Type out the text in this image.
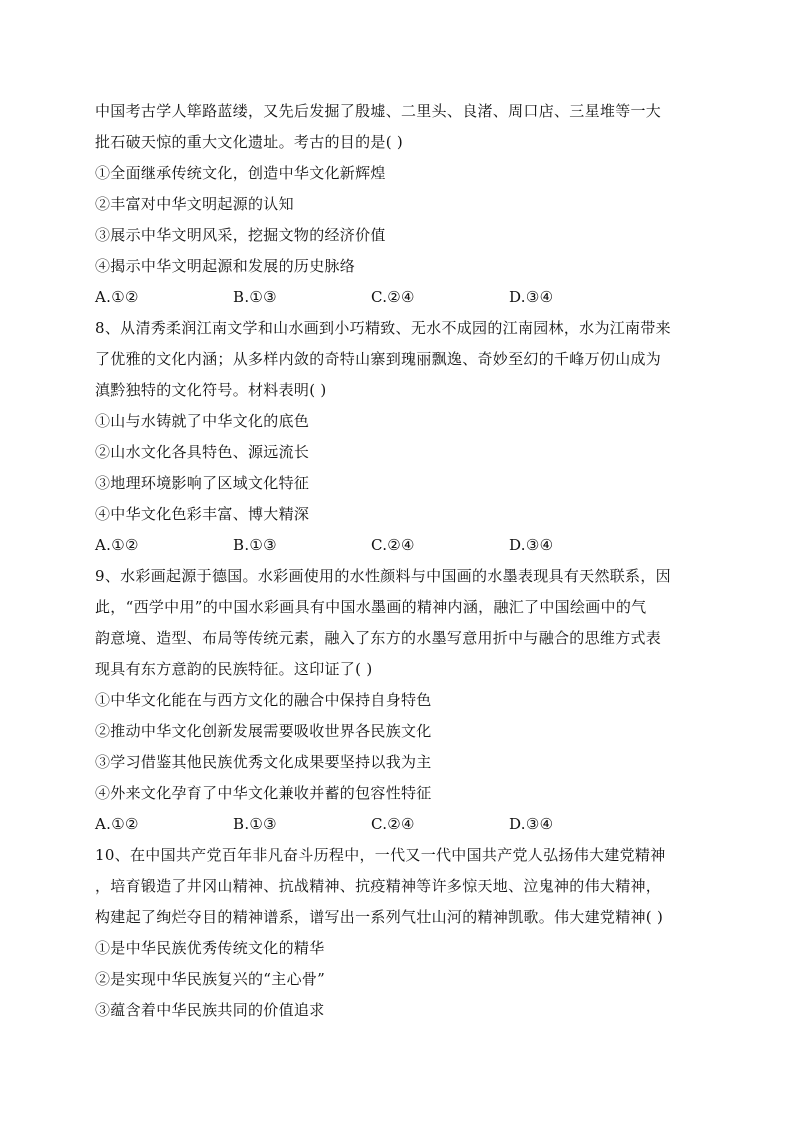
中国考古学人筚路蓝缕，又先后发掘了殷墟、二里头、良渚、周口店、三星堆等一大
批石破天惊的重大文化遗址。考古的目的是( )
①全面继承传统文化，创造中华文化新辉煌
②丰富对中华文明起源的认知
③展示中华文明风采，挖掘文物的经济价值
④揭示中华文明起源和发展的历史脉络
A.①②	B.①③	C.②④	D.③④
8、从清秀柔润江南文学和山水画到小巧精致、无水不成园的江南园林，水为江南带来
了优雅的文化内涵；从多样内敛的奇特山寨到瑰丽飘逸、奇妙至幻的千峰万仞山成为
滇黔独特的文化符号。材料表明( )
①山与水铸就了中华文化的底色
②山水文化各具特色、源远流长
③地理环境影响了区域文化特征
④中华文化色彩丰富、博大精深
A.①②	B.①③	C.②④	D.③④
9、水彩画起源于德国。水彩画使用的水性颜料与中国画的水墨表现具有天然联系，因
此，“西学中用”的中国水彩画具有中国水墨画的精神内涵，融汇了中国绘画中的气
韵意境、造型、布局等传统元素，融入了东方的水墨写意用折中与融合的思维方式表
现具有东方意韵的民族特征。这印证了( )
①中华文化能在与西方文化的融合中保持自身特色
②推动中华文化创新发展需要吸收世界各民族文化
③学习借鉴其他民族优秀文化成果要坚持以我为主
④外来文化孕育了中华文化兼收并蓄的包容性特征
A.①②	B.①③	C.②④	D.③④
10、在中国共产党百年非凡奋斗历程中，一代又一代中国共产党人弘扬伟大建党精神
，培育锻造了井冈山精神、抗战精神、抗疫精神等许多惊天地、泣鬼神的伟大精神，
构建起了绚烂夺目的精神谱系，谱写出一系列气壮山河的精神凯歌。伟大建党精神( )
①是中华民族优秀传统文化的精华
②是实现中华民族复兴的“主心骨”
③蕴含着中华民族共同的价值追求
